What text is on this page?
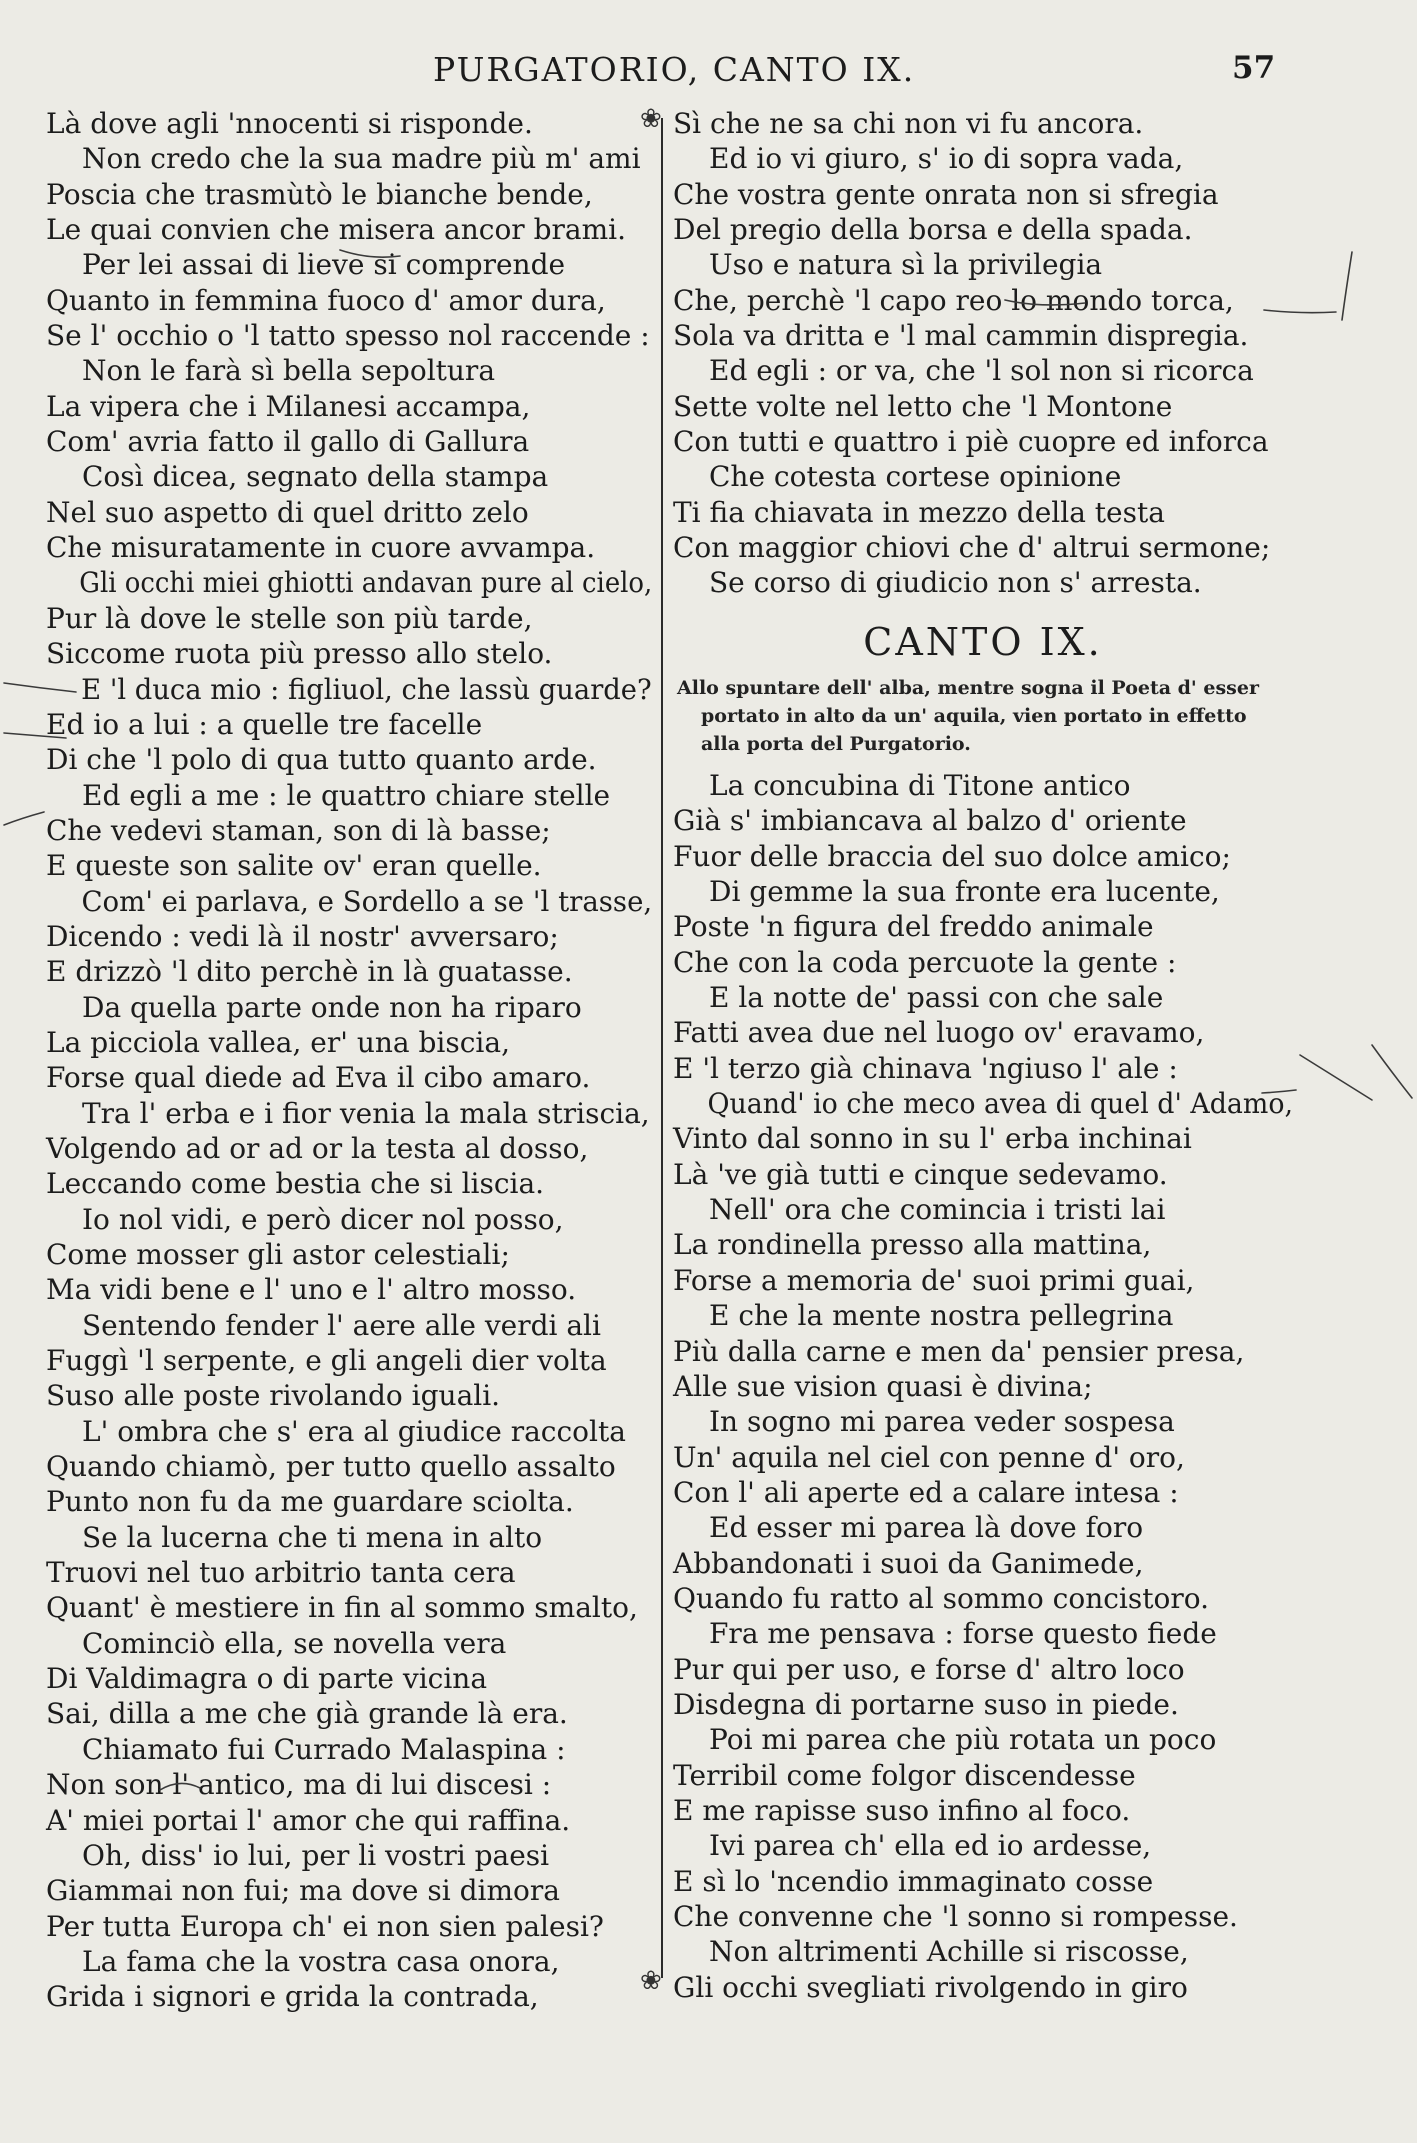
PURGATORIO, CANTO IX.	57
Là dove agli 'nnocenti si risponde.
Non credo che la sua madre più m' ami
Poscia che trasmùtò le bianche bende,
Le quai convien che misera ancor brami.
Per lei assai di lieve si comprende
Quanto in femmina fuoco d' amor dura,
Se l' occhio o 'l tatto spesso nol raccende :
Non le farà sì bella sepoltura
La vipera che i Milanesi accampa,
Com' avria fatto il gallo di Gallura
Così dicea, segnato della stampa
Nel suo aspetto di quel dritto zelo
Che misuratamente in cuore avvampa.
Gli occhi miei ghiotti andavan pure al cielo,
Pur là dove le stelle son più tarde,
Siccome ruota più presso allo stelo.
E 'l duca mio : figliuol, che lassù guarde?
Ed io a lui : a quelle tre facelle
Di che 'l polo di qua tutto quanto arde.
Ed egli a me : le quattro chiare stelle
Che vedevi staman, son di là basse;
E queste son salite ov' eran quelle.
Com' ei parlava, e Sordello a se 'l trasse,
Dicendo : vedi là il nostr' avversaro;
E drizzò 'l dito perchè in là guatasse.
Da quella parte onde non ha riparo
La picciola vallea, er' una biscia,
Forse qual diede ad Eva il cibo amaro.
Tra l' erba e i fior venia la mala striscia,
Volgendo ad or ad or la testa al dosso,
Leccando come bestia che si liscia.
Io nol vidi, e però dicer nol posso,
Come mosser gli astor celestiali;
Ma vidi bene e l' uno e l' altro mosso.
Sentendo fender l' aere alle verdi ali
Fuggì 'l serpente, e gli angeli dier volta
Suso alle poste rivolando iguali.
L' ombra che s' era al giudice raccolta
Quando chiamò, per tutto quello assalto
Punto non fu da me guardare sciolta.
Se la lucerna che ti mena in alto
Truovi nel tuo arbitrio tanta cera
Quant' è mestiere in fin al sommo smalto,
Cominciò ella, se novella vera
Di Valdimagra o di parte vicina
Sai, dilla a me che già grande là era.
Chiamato fui Currado Malaspina :
Non son l' antico, ma di lui discesi :
A' miei portai l' amor che qui raffina.
Oh, diss' io lui, per li vostri paesi
Giammai non fui; ma dove si dimora
Per tutta Europa ch' ei non sien palesi?
La fama che la vostra casa onora,
Grida i signori e grida la contrada,
❀
❀
Sì che ne sa chi non vi fu ancora.
Ed io vi giuro, s' io di sopra vada,
Che vostra gente onrata non si sfregia
Del pregio della borsa e della spada.
Uso e natura sì la privilegia
Che, perchè 'l capo reo lo mondo torca,
Sola va dritta e 'l mal cammin dispregia.
Ed egli : or va, che 'l sol non si ricorca
Sette volte nel letto che 'l Montone
Con tutti e quattro i piè cuopre ed inforca
Che cotesta cortese opinione
Ti fia chiavata in mezzo della testa
Con maggior chiovi che d' altrui sermone;
Se corso di giudicio non s' arresta.
CANTO IX.
Allo spuntare dell' alba, mentre sogna il Poeta d' esser
portato in alto da un' aquila, vien portato in effetto
alla porta del Purgatorio.
La concubina di Titone antico
Già s' imbiancava al balzo d' oriente
Fuor delle braccia del suo dolce amico;
Di gemme la sua fronte era lucente,
Poste 'n figura del freddo animale
Che con la coda percuote la gente :
E la notte de' passi con che sale
Fatti avea due nel luogo ov' eravamo,
E 'l terzo già chinava 'ngiuso l' ale :
Quand' io che meco avea di quel d' Adamo,
Vinto dal sonno in su l' erba inchinai
Là 've già tutti e cinque sedevamo.
Nell' ora che comincia i tristi lai
La rondinella presso alla mattina,
Forse a memoria de' suoi primi guai,
E che la mente nostra pellegrina
Più dalla carne e men da' pensier presa,
Alle sue vision quasi è divina;
In sogno mi parea veder sospesa
Un' aquila nel ciel con penne d' oro,
Con l' ali aperte ed a calare intesa :
Ed esser mi parea là dove foro
Abbandonati i suoi da Ganimede,
Quando fu ratto al sommo concistoro.
Fra me pensava : forse questo fiede
Pur qui per uso, e forse d' altro loco
Disdegna di portarne suso in piede.
Poi mi parea che più rotata un poco
Terribil come folgor discendesse
E me rapisse suso infino al foco.
Ivi parea ch' ella ed io ardesse,
E sì lo 'ncendio immaginato cosse
Che convenne che 'l sonno si rompesse.
Non altrimenti Achille si riscosse,
Gli occhi svegliati rivolgendo in giro
